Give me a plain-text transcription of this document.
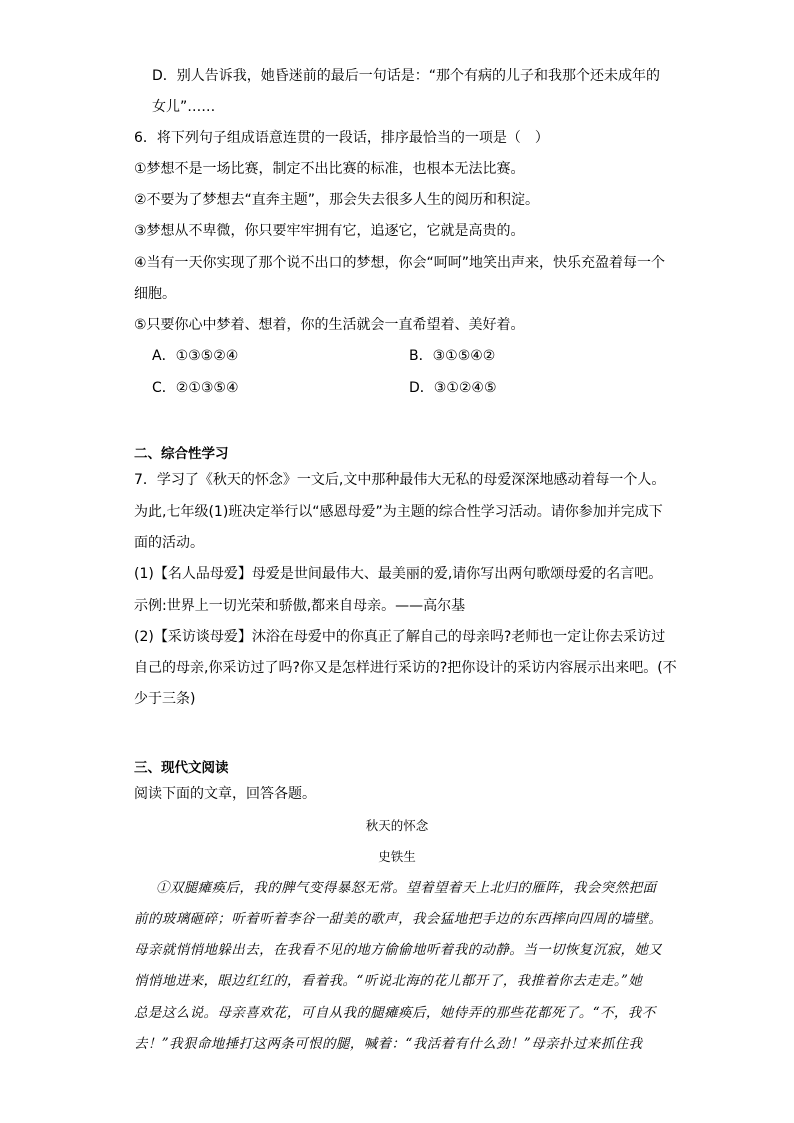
D．别人告诉我，她昏迷前的最后一句话是：“那个有病的儿子和我那个还未成年的
女儿”……
6．将下列句子组成语意连贯的一段话，排序最恰当的一项是（　）
①梦想不是一场比赛，制定不出比赛的标准，也根本无法比赛。
②不要为了梦想去“直奔主题”，那会失去很多人生的阅历和积淀。
③梦想从不卑微，你只要牢牢拥有它，追逐它，它就是高贵的。
④当有一天你实现了那个说不出口的梦想，你会“呵呵”地笑出声来，快乐充盈着每一个
细胞。
⑤只要你心中梦着、想着，你的生活就会一直希望着、美好着。
A．①③⑤②④	B．③①⑤④②
C．②①③⑤④	D．③①②④⑤
二、综合性学习
7．学习了《秋天的怀念》一文后,文中那种最伟大无私的母爱深深地感动着每一个人。
为此,七年级(1)班决定举行以“感恩母爱”为主题的综合性学习活动。请你参加并完成下
面的活动。
(1)【名人品母爱】母爱是世间最伟大、最美丽的爱,请你写出两句歌颂母爱的名言吧。
示例:世界上一切光荣和骄傲,都来自母亲。——高尔基
(2)【采访谈母爱】沐浴在母爱中的你真正了解自己的母亲吗?老师也一定让你去采访过
自己的母亲,你采访过了吗?你又是怎样进行采访的?把你设计的采访内容展示出来吧。(不
少于三条)
三、现代文阅读
阅读下面的文章，回答各题。
秋天的怀念
史铁生
①双腿瘫痪后，我的脾气变得暴怒无常。望着望着天上北归的雁阵，我会突然把面
前的玻璃砸碎；听着听着李谷一甜美的歌声，我会猛地把手边的东西摔向四周的墙壁。
母亲就悄悄地躲出去，在我看不见的地方偷偷地听着我的动静。当一切恢复沉寂，她又
悄悄地进来，眼边红红的，看着我。“听说北海的花儿都开了，我推着你去走走。”她
总是这么说。母亲喜欢花，可自从我的腿瘫痪后，她侍弄的那些花都死了。“不，我不
去！”我狠命地捶打这两条可恨的腿，喊着：“我活着有什么劲！”母亲扑过来抓住我
